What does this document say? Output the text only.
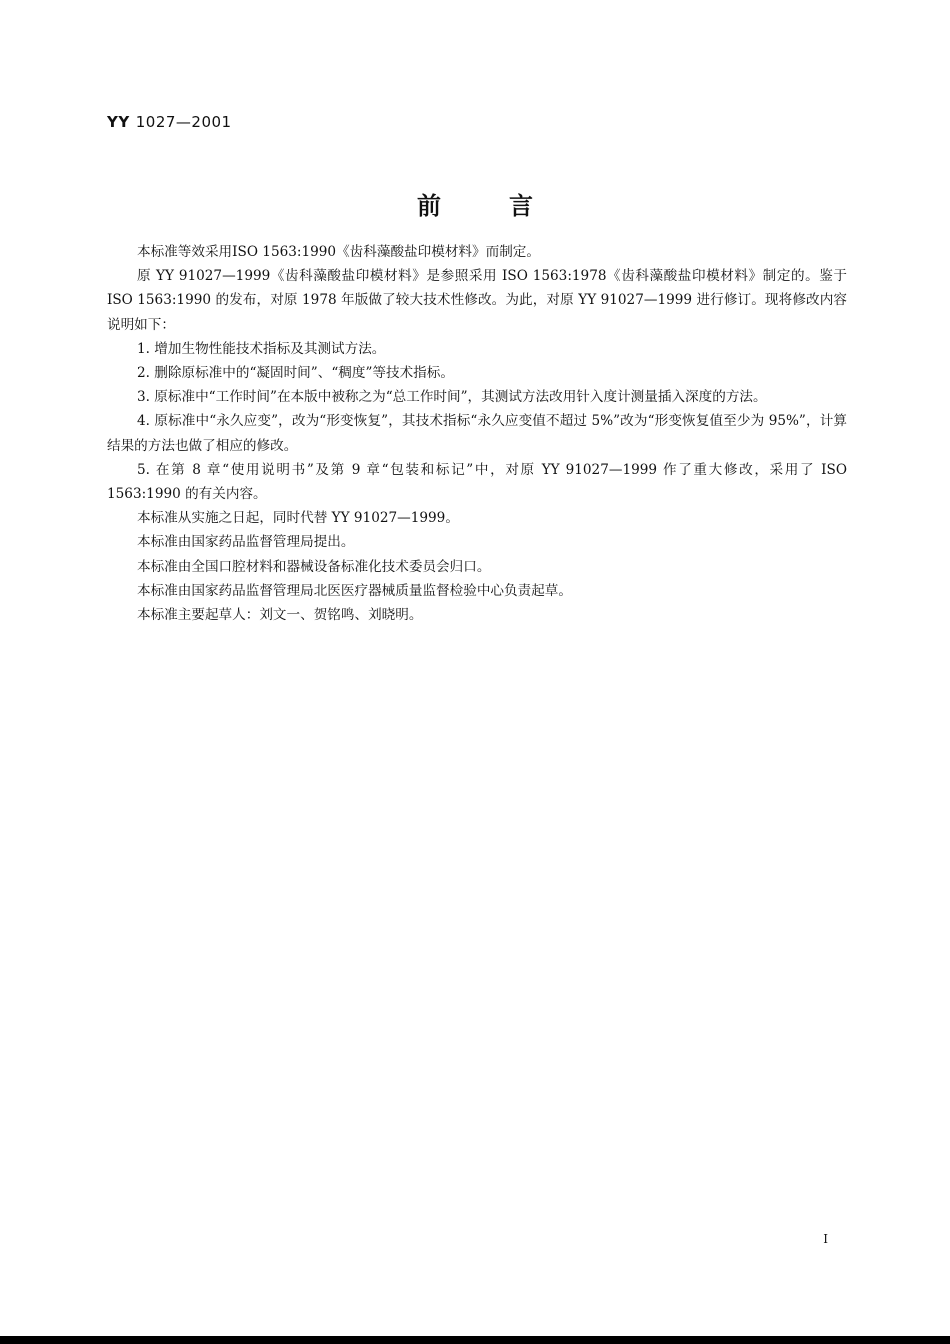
YY 1027—2001
前言

本标准等效采用ISO 1563:1990《齿科藻酸盐印模材料》而制定。

原 YY 91027—1999《齿科藻酸盐印模材料》是参照采用 ISO 1563:1978《齿科藻酸盐印模材料》制定的。鉴于 ISO 1563:1990 的发布，对原 1978 年版做了较大技术性修改。为此，对原 YY 91027—1999 进行修订。现将修改内容说明如下：

1. 增加生物性能技术指标及其测试方法。

2. 删除原标准中的“凝固时间”、“稠度”等技术指标。

3. 原标准中“工作时间”在本版中被称之为“总工作时间”，其测试方法改用针入度计测量插入深度的方法。

4. 原标准中“永久应变”，改为“形变恢复”，其技术指标“永久应变值不超过 5%”改为“形变恢复值至少为 95%”，计算结果的方法也做了相应的修改。

5. 在第 8 章“使用说明书”及第 9 章“包装和标记”中，对原 YY 91027—1999 作了重大修改，采用了 ISO 1563:1990 的有关内容。

本标准从实施之日起，同时代替 YY 91027—1999。

本标准由国家药品监督管理局提出。

本标准由全国口腔材料和器械设备标准化技术委员会归口。

本标准由国家药品监督管理局北医医疗器械质量监督检验中心负责起草。

本标准主要起草人：刘文一、贺铭鸣、刘晓明。

I
